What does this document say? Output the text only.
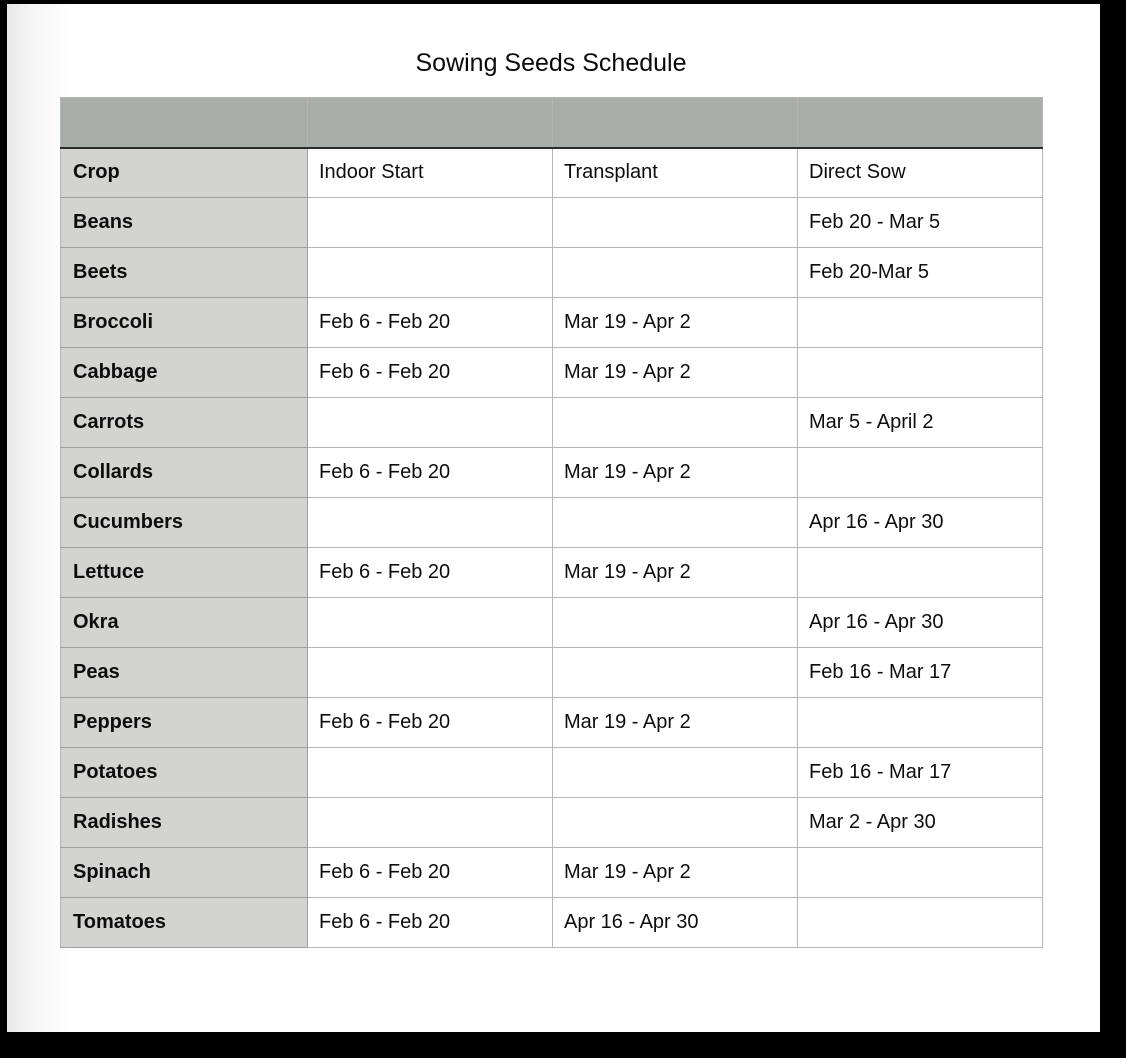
Sowing Seeds Schedule

Crop	Indoor Start	Transplant	Direct Sow
Beans			Feb 20 - Mar 5
Beets			Feb 20-Mar 5
Broccoli	Feb 6 - Feb 20	Mar 19 - Apr 2	
Cabbage	Feb 6 - Feb 20	Mar 19 - Apr 2	
Carrots			Mar 5 - April 2
Collards	Feb 6 - Feb 20	Mar 19 - Apr 2	
Cucumbers			Apr 16 - Apr 30
Lettuce	Feb 6 - Feb 20	Mar 19 - Apr 2	
Okra			Apr 16 - Apr 30
Peas			Feb 16 - Mar 17
Peppers	Feb 6 - Feb 20	Mar 19 - Apr 2	
Potatoes			Feb 16 - Mar 17
Radishes			Mar 2 - Apr 30
Spinach	Feb 6 - Feb 20	Mar 19 - Apr 2	
Tomatoes	Feb 6 - Feb 20	Apr 16 - Apr 30	
